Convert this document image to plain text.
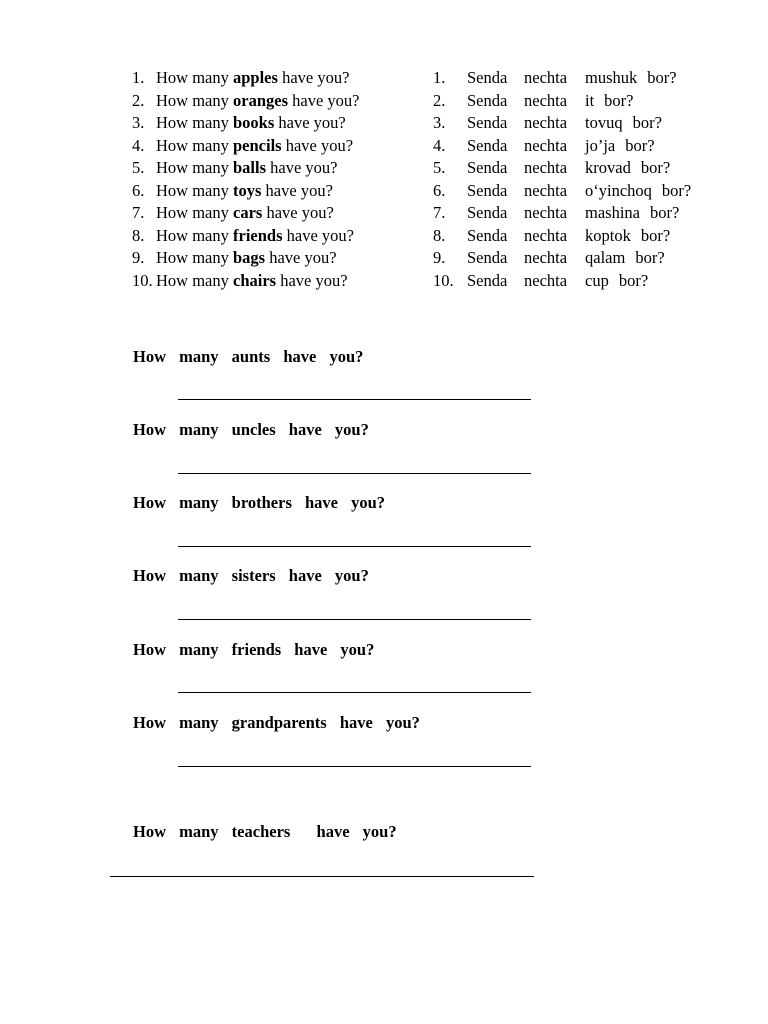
1. How many apples have you?
2. How many oranges have you?
3. How many books have you?
4. How many pencils have you?
5. How many balls have you?
6. How many toys have you?
7. How many cars have you?
8. How many friends have you?
9. How many bags have you?
10. How many chairs have you?
1. Senda nechta mushuk bor?
2. Senda nechta it bor?
3. Senda nechta tovuq bor?
4. Senda nechta jo’ja bor?
5. Senda nechta krovad bor?
6. Senda nechta o‘yinchoq bor?
7. Senda nechta mashina bor?
8. Senda nechta koptok bor?
9. Senda nechta qalam bor?
10. Senda nechta cup bor?
How many aunts have you?
How many uncles have you?
How many brothers have you?
How many sisters have you?
How many friends have you?
How many grandparents have you?
How many teachers  have you?
